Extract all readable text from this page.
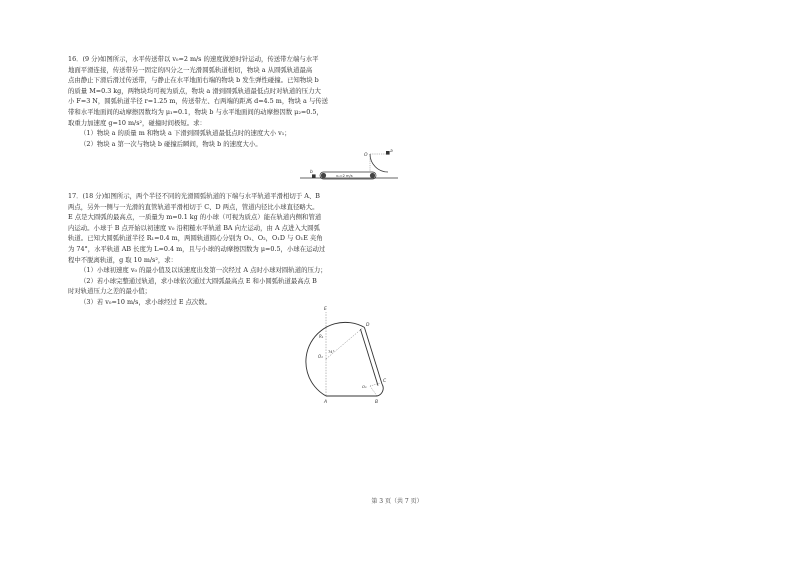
16．(9 分)如图所示，水平传送带以 v₀=2 m/s 的速度做逆时针运动，传送带左端与水平
地面平滑连接，传送带另一固定的四分之一光滑圆弧轨道相切，物块 a 从圆弧轨道最高
点由静止下滑后滑过传送带，与静止在水平地面右端的物块 b 发生弹性碰撞。已知物块 b
的质量 M=0.3 kg，两物块均可视为质点，物块 a 滑到圆弧轨道最低点时对轨道的压力大
小 F=3 N，圆弧轨道半径 r=1.25 m，传送带左、右两端的距离 d=4.5 m，物块 a 与传送
带和水平地面间的动摩擦因数均为 μ₁=0.1，物块 b 与水平地面间的动摩擦因数 μ₂=0.5，
取重力加速度 g=10 m/s²，碰撞时间极短。求：
（1）物块 a 的质量 m 和物块 a 下滑到圆弧轨道最低点时的速度大小 v₁；
（2）物块 a 第一次与物块 b 碰撞后瞬间，物块 b 的速度大小。

v₀=2 m/s
O
a
b

17．(18 分)如图所示，两个半径不同的光滑圆弧轨道的下端与水平轨道平滑相切于 A、B
两点，另外一侧与一光滑的直管轨道平滑相切于 C、D 两点，管道内径比小球直径略大。
E 点是大圆弧的最高点，一质量为 m=0.1 kg 的小球（可视为质点）能在轨道内侧和管道
内运动。小球于 B 点开始以初速度 v₀ 沿粗糙水平轨道 BA 向左运动，由 A 点进入大圆弧
轨道。已知大圆弧轨道半径 R₁=0.4 m，两圆轨道圆心分别为 O₁、O₂，O₁D 与 O₁E 夹角
为 74°，水平轨道 AB 长度为 L=0.4 m，且与小球的动摩擦因数为 μ=0.5，小球在运动过
程中不脱离轨道，g 取 10 m/s²，求：
（1）小球初速度 v₀ 的最小值及以该速度出发第一次经过 A 点时小球对圆轨道的压力；
（2）若小球完整通过轨道，求小球依次通过大圆弧最高点 E 和小圆弧轨道最高点 B
时对轨道压力之差的最小值；
（3）若 v₀=10 m/s，求小球经过 E 点次数。

E
R₁
O₁
74°
D
C
O₂
A	B
第 3 页（共 7 页）
